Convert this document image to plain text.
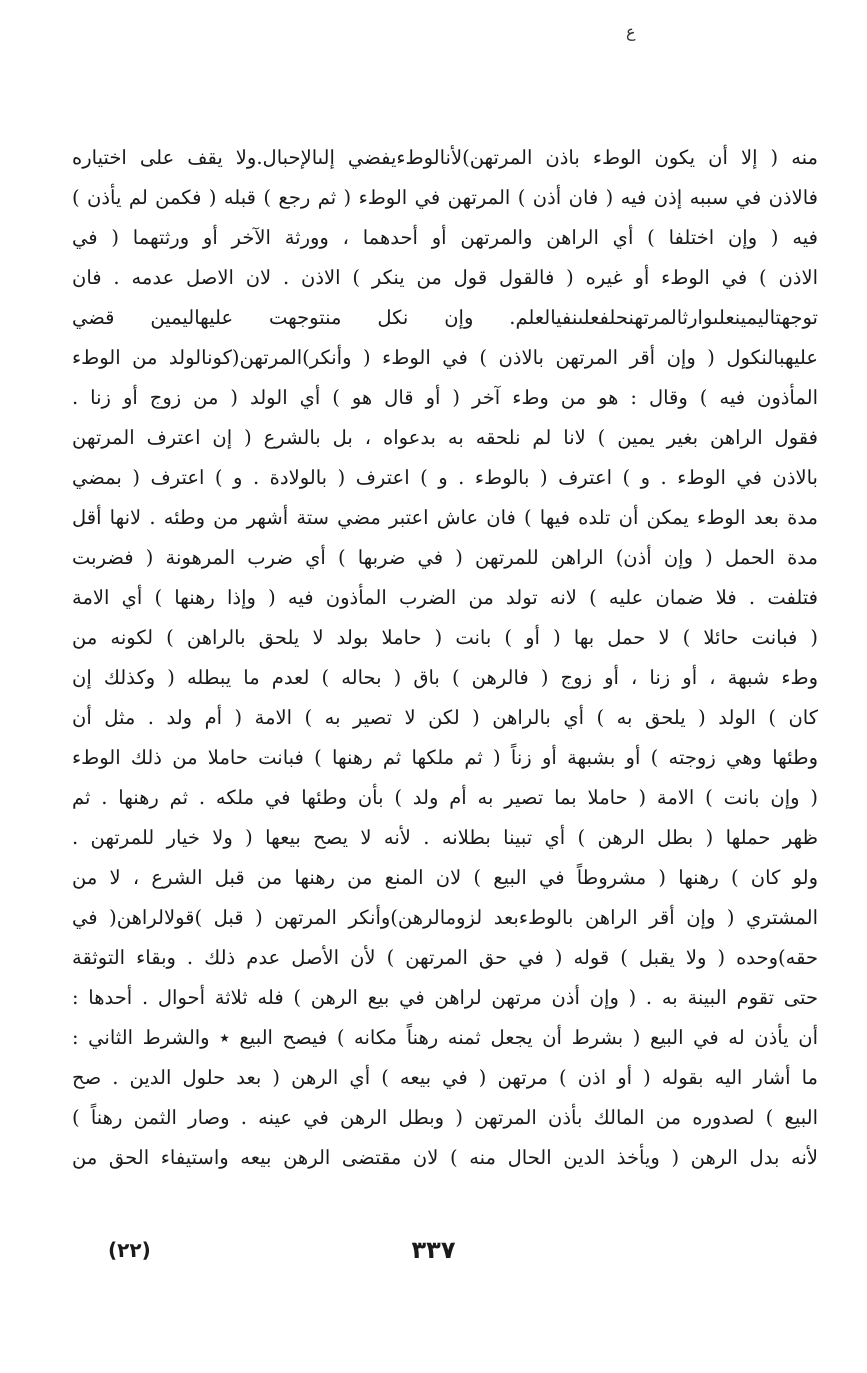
ع
منه ( إلا أن يكون الوطء باذن المرتهن)لأنالوطءيفضي إلىالإحبال.ولا يقف على اختياره
فالاذن في سببه إذن فيه ( فان أذن ) المرتهن في الوطء ( ثم رجع ) قبله ( فكمن لم يأذن )
فيه ( وإن اختلفا ) أي الراهن والمرتهن أو أحدهما ، وورثة الآخر أو ورثتهما ( في
الاذن ) في الوطء أو غيره ( فالقول قول من ينكر ) الاذن . لان الاصل عدمه . فان
توجهتاليمينعلىوارثالمرتهنحلفعلىنفيالعلم. وإن نكل منتوجهت عليهاليمين قضي
عليهبالنكول ( وإن أقر المرتهن بالاذن ) في الوطء ( وأنكر)المرتهن(كونالولد من الوطء
المأذون فيه ) وقال : هو من وطء آخر ( أو قال هو ) أي الولد ( من زوج أو زنا .
فقول الراهن بغير يمين ) لانا لم نلحقه به بدعواه ، بل بالشرع ( إن اعترف المرتهن
بالاذن في الوطء . و ) اعترف ( بالوطء . و ) اعترف ( بالولادة . و ) اعترف ( بمضي
مدة بعد الوطء يمكن أن تلده فيها ) فان عاش اعتبر مضي ستة أشهر من وطئه . لانها أقل
مدة الحمل ( وإن أذن) الراهن للمرتهن ( في ضربها ) أي ضرب المرهونة ( فضربت
فتلفت . فلا ضمان عليه ) لانه تولد من الضرب المأذون فيه ( وإذا رهنها ) أي الامة
( فبانت حائلا ) لا حمل بها ( أو ) بانت ( حاملا بولد لا يلحق بالراهن ) لكونه من
وطء شبهة ، أو زنا ، أو زوج ( فالرهن ) باق ( بحاله ) لعدم ما يبطله ( وكذلك إن
كان ) الولد ( يلحق به ) أي بالراهن ( لكن لا تصير به ) الامة ( أم ولد . مثل أن
وطئها وهي زوجته ) أو بشبهة أو زناً ( ثم ملكها ثم رهنها ) فبانت حاملا من ذلك الوطء
( وإن بانت ) الامة ( حاملا بما تصير به أم ولد ) بأن وطئها في ملكه . ثم رهنها . ثم
ظهر حملها ( بطل الرهن ) أي تبينا بطلانه . لأنه لا يصح بيعها ( ولا خيار للمرتهن .
ولو كان ) رهنها ( مشروطاً في البيع ) لان المنع من رهنها من قبل الشرع ، لا من
المشتري ( وإن أقر الراهن بالوطءبعد لزومالرهن)وأنكر المرتهن ( قبل )قولالراهن( في
حقه)وحده ( ولا يقبل ) قوله ( في حق المرتهن ) لأن الأصل عدم ذلك . وبقاء التوثقة
حتى تقوم البينة به . ( وإن أذن مرتهن لراهن في بيع الرهن ) فله ثلاثة أحوال . أحدها :
أن يأذن له في البيع ( بشرط أن يجعل ثمنه رهناً مكانه ) فيصح البيع ٭ والشرط الثاني :
ما أشار اليه بقوله ( أو اذن ) مرتهن ( في بيعه ) أي الرهن ( بعد حلول الدين . صح
البيع ) لصدوره من المالك بأذن المرتهن ( وبطل الرهن في عينه . وصار الثمن رهناً )
لأنه بدل الرهن ( ويأخذ الدين الحال منه ) لان مقتضى الرهن بيعه واستيفاء الحق من
٣٣٧
(٢٢)
